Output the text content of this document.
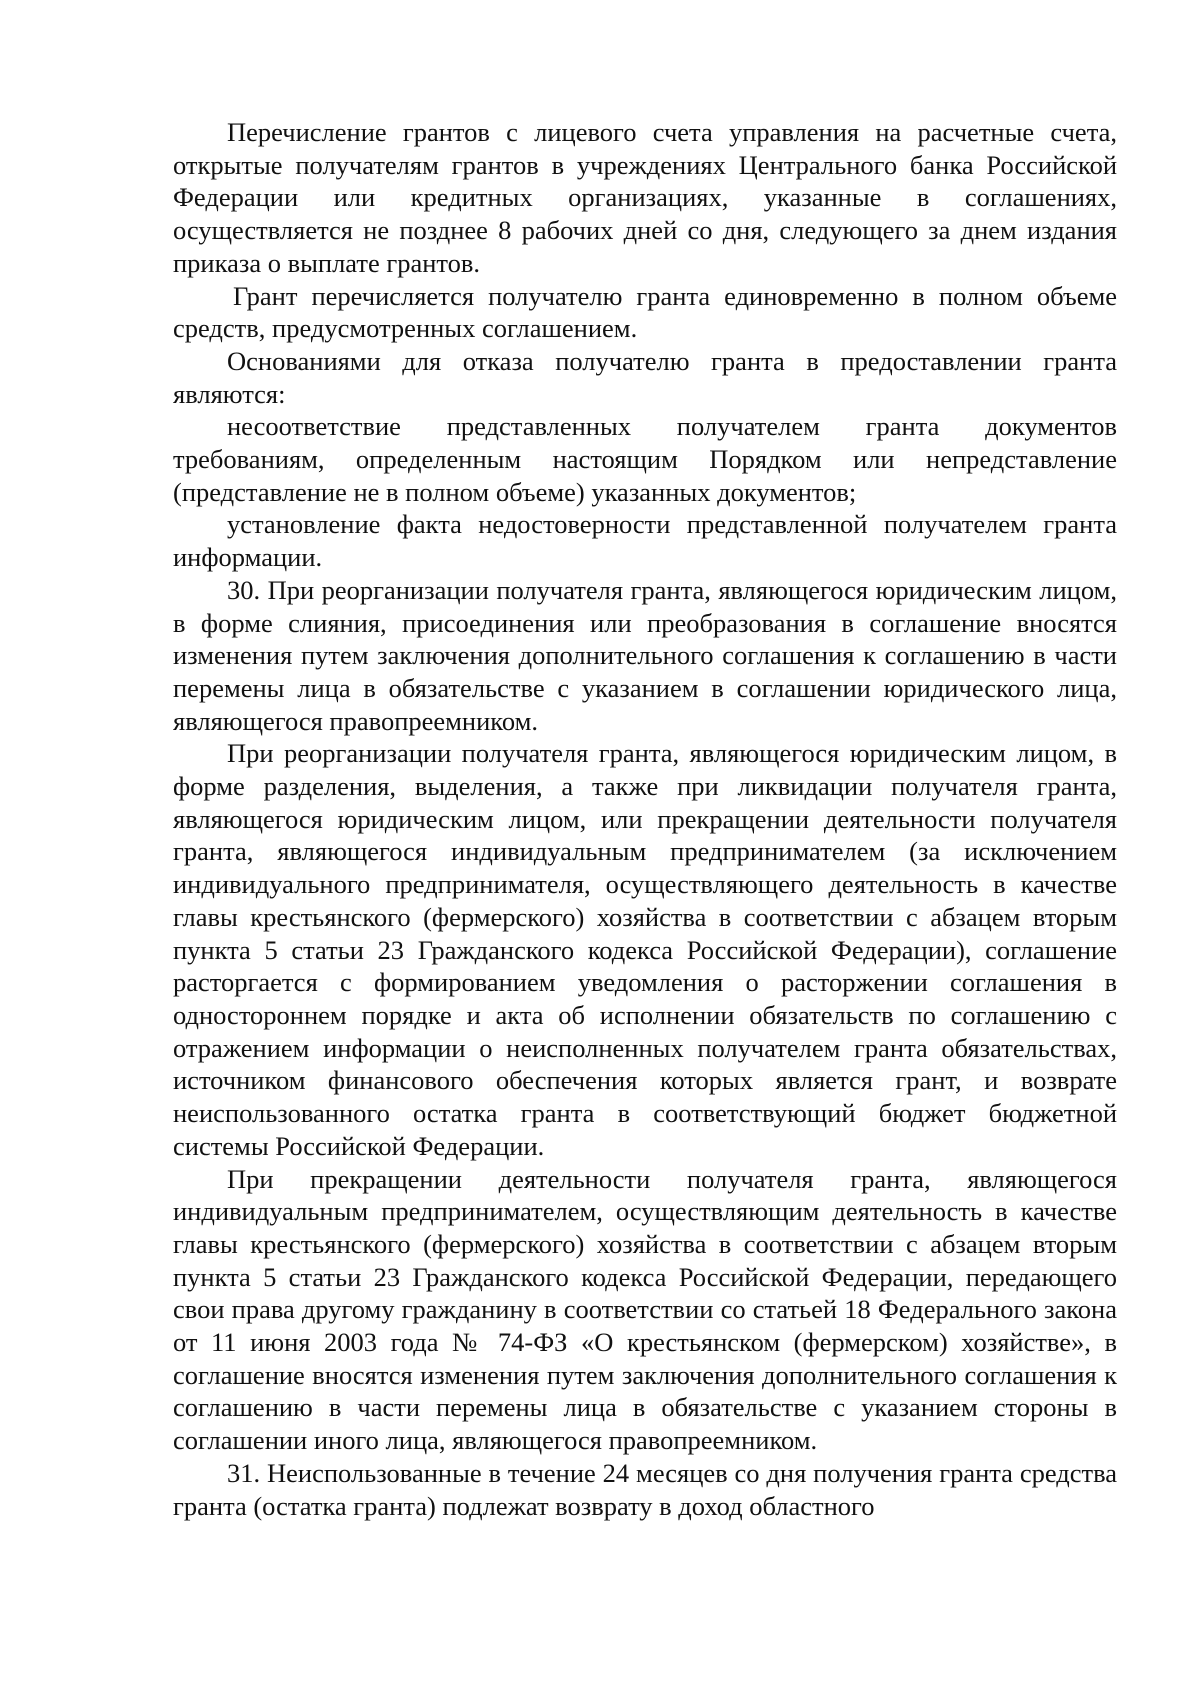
Перечисление грантов с лицевого счета управления на расчетные счета, открытые получателям грантов в учреждениях Центрального банка Российской Федерации или кредитных организациях, указанные в соглашениях, осуществляется не позднее 8 рабочих дней со дня, следующего за днем издания приказа о выплате грантов.

Грант перечисляется получателю гранта единовременно в полном объеме средств, предусмотренных соглашением.

Основаниями для отказа получателю гранта в предоставлении гранта являются:

несоответствие представленных получателем гранта документов требованиям, определенным настоящим Порядком или непредставление (представление не в полном объеме) указанных документов;

установление факта недостоверности представленной получателем гранта информации.

30. При реорганизации получателя гранта, являющегося юридическим лицом, в форме слияния, присоединения или преобразования в соглашение вносятся изменения путем заключения дополнительного соглашения к соглашению в части перемены лица в обязательстве с указанием в соглашении юридического лица, являющегося правопреемником.

При реорганизации получателя гранта, являющегося юридическим лицом, в форме разделения, выделения, а также при ликвидации получателя гранта, являющегося юридическим лицом, или прекращении деятельности получателя гранта, являющегося индивидуальным предпринимателем (за исключением индивидуального предпринимателя, осуществляющего деятельность в качестве главы крестьянского (фермерского) хозяйства в соответствии с абзацем вторым пункта 5 статьи 23 Гражданского кодекса Российской Федерации), соглашение расторгается с формированием уведомления о расторжении соглашения в одностороннем порядке и акта об исполнении обязательств по соглашению с отражением информации о неисполненных получателем гранта обязательствах, источником финансового обеспечения которых является грант, и возврате неиспользованного остатка гранта в соответствующий бюджет бюджетной системы Российской Федерации.

При прекращении деятельности получателя гранта, являющегося индивидуальным предпринимателем, осуществляющим деятельность в качестве главы крестьянского (фермерского) хозяйства в соответствии с абзацем вторым пункта 5 статьи 23 Гражданского кодекса Российской Федерации, передающего свои права другому гражданину в соответствии со статьей 18 Федерального закона от 11 июня 2003 года № 74-ФЗ «О крестьянском (фермерском) хозяйстве», в соглашение вносятся изменения путем заключения дополнительного соглашения к соглашению в части перемены лица в обязательстве с указанием стороны в соглашении иного лица, являющегося правопреемником.

31. Неиспользованные в течение 24 месяцев со дня получения гранта средства гранта (остатка гранта) подлежат возврату в доход областного
